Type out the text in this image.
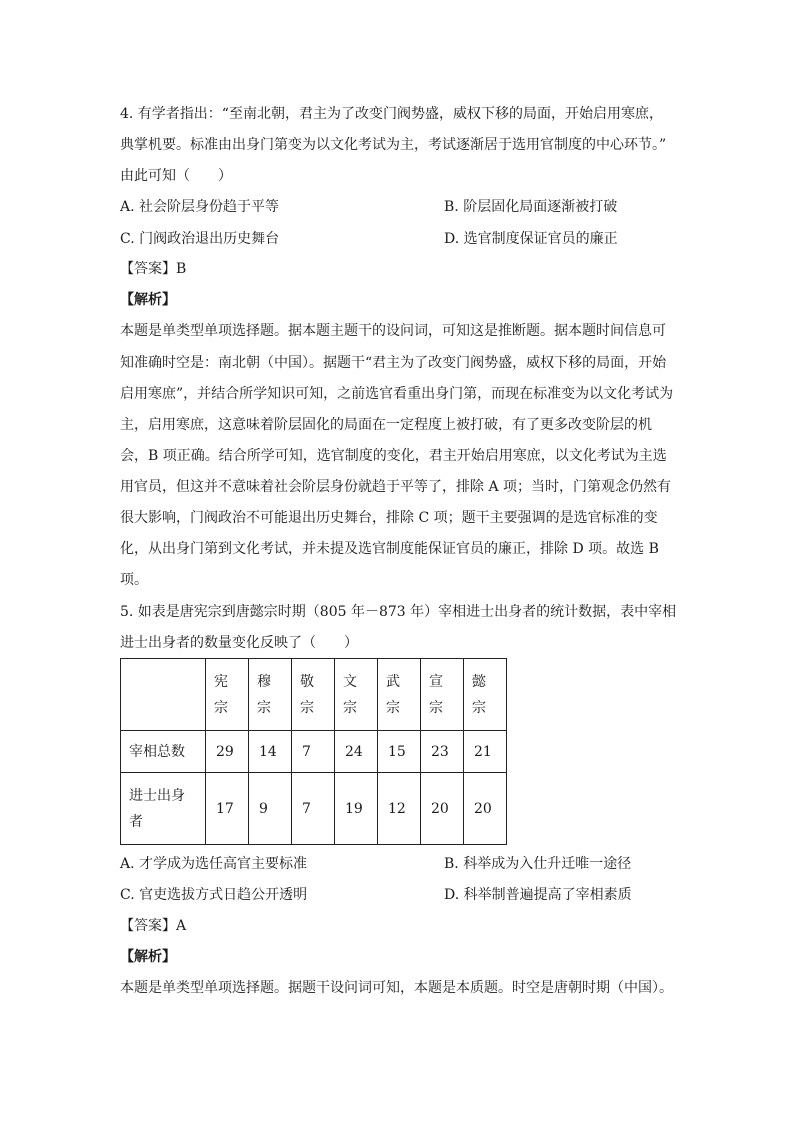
4. 有学者指出：“至南北朝，君主为了改变门阀势盛，威权下移的局面，开始启用寒庶，
典掌机要。标准由出身门第变为以文化考试为主，考试逐渐居于选用官制度的中心环节。”
由此可知（　　）
A. 社会阶层身份趋于平等	B. 阶层固化局面逐渐被打破
C. 门阀政治退出历史舞台	D. 选官制度保证官员的廉正
【答案】B
【解析】
本题是单类型单项选择题。据本题主题干的设问词，可知这是推断题。据本题时间信息可
知准确时空是：南北朝（中国）。据题干“君主为了改变门阀势盛，威权下移的局面，开始
启用寒庶”，并结合所学知识可知，之前选官看重出身门第，而现在标准变为以文化考试为
主，启用寒庶，这意味着阶层固化的局面在一定程度上被打破，有了更多改变阶层的机
会，B 项正确。结合所学可知，选官制度的变化，君主开始启用寒庶，以文化考试为主选
用官员，但这并不意味着社会阶层身份就趋于平等了，排除 A 项；当时，门第观念仍然有
很大影响，门阀政治不可能退出历史舞台，排除 C 项；题干主要强调的是选官标准的变
化，从出身门第到文化考试，并未提及选官制度能保证官员的廉正，排除 D 项。故选 B
项。
5. 如表是唐宪宗到唐懿宗时期（805 年－873 年）宰相进士出身者的统计数据，表中宰相
进士出身者的数量变化反映了（　　）

	宪
宗	穆
宗	敬
宗	文
宗	武
宗	宣
宗	懿
宗

宰相总数	29	14	7	24	15	23	21

进士出身
者	17	9	7	19	12	20	20
A. 才学成为选任高官主要标准	B. 科举成为入仕升迁唯一途径
C. 官吏选拔方式日趋公开透明	D. 科举制普遍提高了宰相素质
【答案】A
【解析】
本题是单类型单项选择题。据题干设问词可知，本题是本质题。时空是唐朝时期（中国）。
